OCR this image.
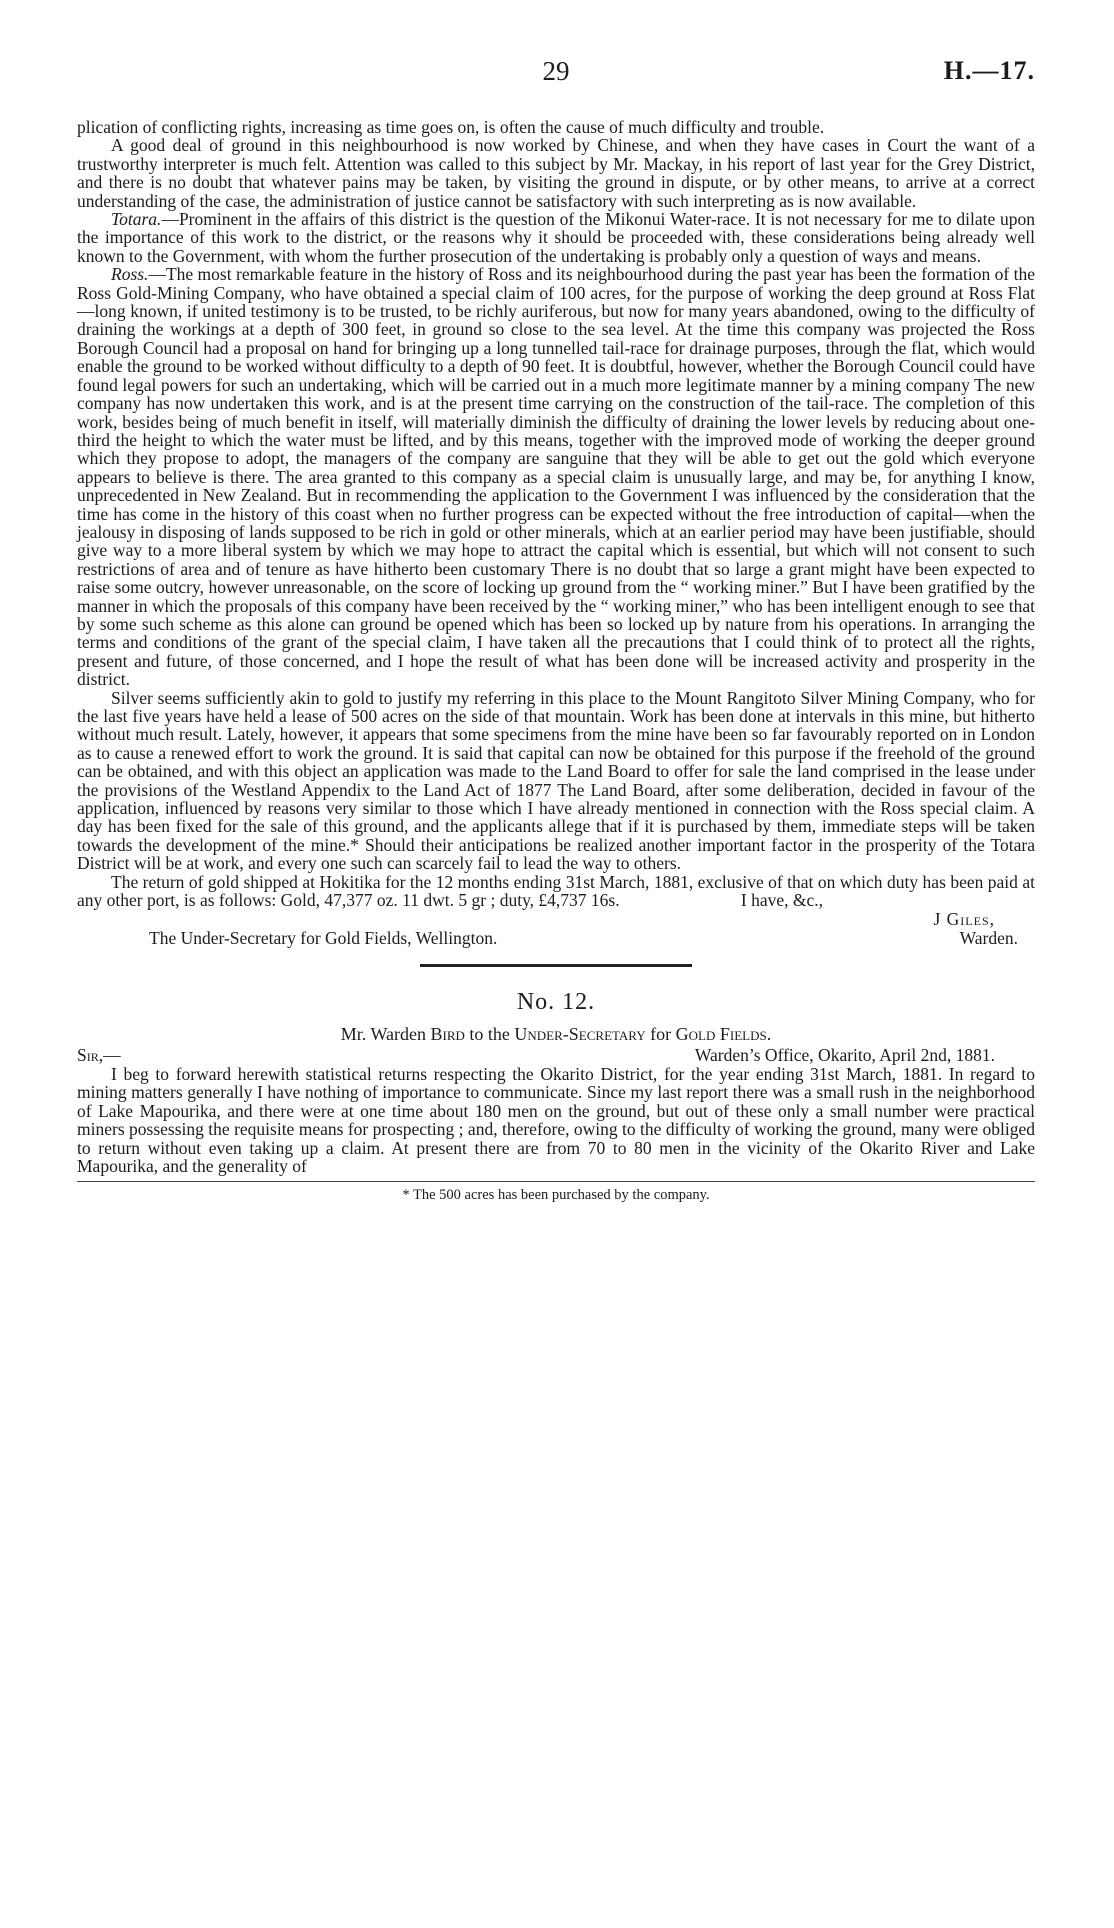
29	H.—17.

plication of conflicting rights, increasing as time goes on, is often the cause of much difficulty and trouble.

A good deal of ground in this neighbourhood is now worked by Chinese, and when they have cases in Court the want of a trustworthy interpreter is much felt. Attention was called to this subject by Mr. Mackay, in his report of last year for the Grey District, and there is no doubt that whatever pains may be taken, by visiting the ground in dispute, or by other means, to arrive at a correct understanding of the case, the administration of justice cannot be satisfactory with such interpreting as is now available.

Totara.—Prominent in the affairs of this district is the question of the Mikonui Water-race. It is not necessary for me to dilate upon the importance of this work to the district, or the reasons why it should be proceeded with, these considerations being already well known to the Government, with whom the further prosecution of the undertaking is probably only a question of ways and means.

Ross.—The most remarkable feature in the history of Ross and its neighbourhood during the past year has been the formation of the Ross Gold-Mining Company, who have obtained a special claim of 100 acres, for the purpose of working the deep ground at Ross Flat—long known, if united testimony is to be trusted, to be richly auriferous, but now for many years abandoned, owing to the difficulty of draining the workings at a depth of 300 feet, in ground so close to the sea level. At the time this company was projected the Ross Borough Council had a proposal on hand for bringing up a long tunnelled tail-race for drainage purposes, through the flat, which would enable the ground to be worked without difficulty to a depth of 90 feet. It is doubtful, however, whether the Borough Council could have found legal powers for such an undertaking, which will be carried out in a much more legitimate manner by a mining company The new company has now undertaken this work, and is at the present time carrying on the construction of the tail-race. The completion of this work, besides being of much benefit in itself, will materially diminish the difficulty of draining the lower levels by reducing about one-third the height to which the water must be lifted, and by this means, together with the improved mode of working the deeper ground which they propose to adopt, the managers of the company are sanguine that they will be able to get out the gold which everyone appears to believe is there. The area granted to this company as a special claim is unusually large, and may be, for anything I know, unprecedented in New Zealand. But in recommending the application to the Government I was influenced by the consideration that the time has come in the history of this coast when no further progress can be expected without the free introduction of capital—when the jealousy in disposing of lands supposed to be rich in gold or other minerals, which at an earlier period may have been justifiable, should give way to a more liberal system by which we may hope to attract the capital which is essential, but which will not consent to such restrictions of area and of tenure as have hitherto been customary There is no doubt that so large a grant might have been expected to raise some outcry, however unreasonable, on the score of locking up ground from the “ working miner.” But I have been gratified by the manner in which the proposals of this company have been received by the “ working miner,” who has been intelligent enough to see that by some such scheme as this alone can ground be opened which has been so locked up by nature from his operations. In arranging the terms and conditions of the grant of the special claim, I have taken all the precautions that I could think of to protect all the rights, present and future, of those concerned, and I hope the result of what has been done will be increased activity and prosperity in the district.

Silver seems sufficiently akin to gold to justify my referring in this place to the Mount Rangitoto Silver Mining Company, who for the last five years have held a lease of 500 acres on the side of that mountain. Work has been done at intervals in this mine, but hitherto without much result. Lately, however, it appears that some specimens from the mine have been so far favourably reported on in London as to cause a renewed effort to work the ground. It is said that capital can now be obtained for this purpose if the freehold of the ground can be obtained, and with this object an application was made to the Land Board to offer for sale the land comprised in the lease under the provisions of the Westland Appendix to the Land Act of 1877 The Land Board, after some deliberation, decided in favour of the application, influenced by reasons very similar to those which I have already mentioned in connection with the Ross special claim. A day has been fixed for the sale of this ground, and the applicants allege that if it is purchased by them, immediate steps will be taken towards the development of the mine.* Should their anticipations be realized another important factor in the prosperity of the Totara District will be at work, and every one such can scarcely fail to lead the way to others.

The return of gold shipped at Hokitika for the 12 months ending 31st March, 1881, exclusive of that on which duty has been paid at any other port, is as follows: Gold, 47,377 oz. 11 dwt. 5 gr ; duty, £4,737 16s.	I have, &c.,

J Giles,
The Under-Secretary for Gold Fields, Wellington.	Warden.
No. 12.
Mr. Warden Bird to the Under-Secretary for Gold Fields.
Sir,—	Warden’s Office, Okarito, April 2nd, 1881.

I beg to forward herewith statistical returns respecting the Okarito District, for the year ending 31st March, 1881. In regard to mining matters generally I have nothing of importance to communicate. Since my last report there was a small rush in the neighborhood of Lake Mapourika, and there were at one time about 180 men on the ground, but out of these only a small number were practical miners possessing the requisite means for prospecting ; and, therefore, owing to the difficulty of working the ground, many were obliged to return without even taking up a claim. At present there are from 70 to 80 men in the vicinity of the Okarito River and Lake Mapourika, and the generality of

* The 500 acres has been purchased by the company.
